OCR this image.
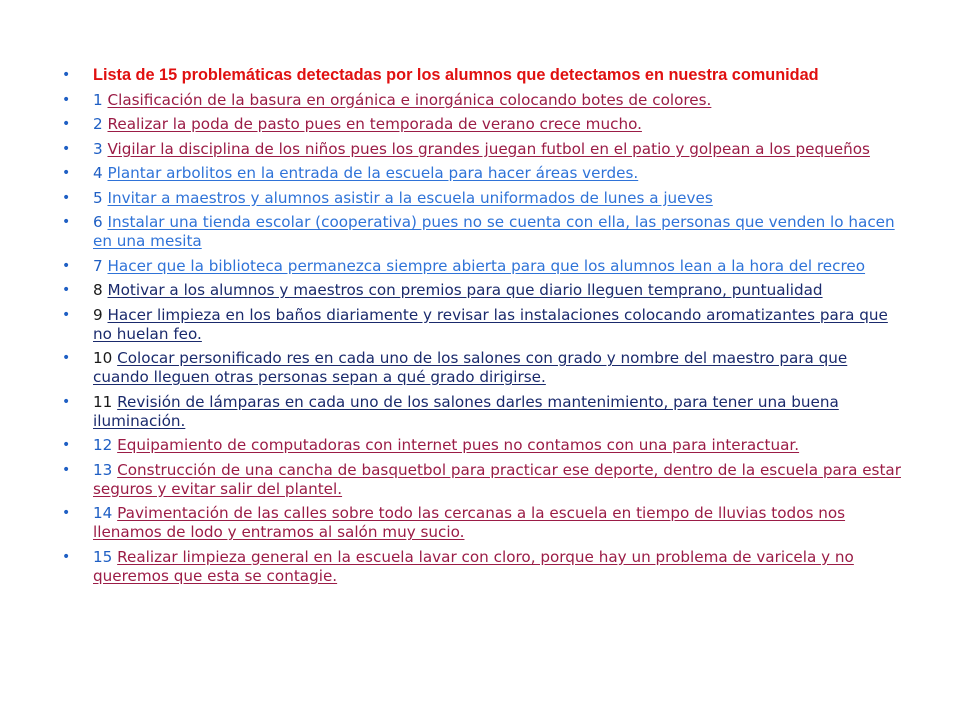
• Lista de 15 problemáticas detectadas por los alumnos que detectamos en nuestra comunidad
• 1 Clasificación de la basura en orgánica e inorgánica colocando botes de colores.
• 2 Realizar la poda de pasto pues en temporada de verano crece mucho.
• 3 Vigilar la disciplina de los niños pues los grandes juegan futbol en el patio y golpean a los pequeños
• 4 Plantar arbolitos en la entrada de la escuela para hacer áreas verdes.
• 5 Invitar a maestros y alumnos asistir a la escuela uniformados de lunes a jueves
• 6 Instalar una tienda escolar (cooperativa) pues no se cuenta con ella, las personas que venden lo hacen en una mesita
• 7 Hacer que la biblioteca permanezca siempre abierta para que los alumnos lean a la hora del recreo
• 8 Motivar a los alumnos y maestros con premios para que diario lleguen temprano, puntualidad
• 9 Hacer limpieza en los baños diariamente y revisar las instalaciones colocando aromatizantes para que no huelan feo.
• 10 Colocar personificado res en cada uno de los salones con grado y nombre del maestro para que cuando lleguen otras personas sepan a qué grado dirigirse.
• 11 Revisión de lámparas en cada uno de los salones darles mantenimiento, para tener una buena iluminación.
• 12 Equipamiento de computadoras con internet pues no contamos con una para interactuar.
• 13 Construcción de una cancha de basquetbol para practicar ese deporte, dentro de la escuela para estar seguros y evitar salir del plantel.
• 14 Pavimentación de las calles sobre todo las cercanas a la escuela en tiempo de lluvias todos nos llenamos de lodo y entramos al salón muy sucio.
• 15 Realizar limpieza general en la escuela lavar con cloro, porque hay un problema de varicela y no queremos que esta se contagie.
